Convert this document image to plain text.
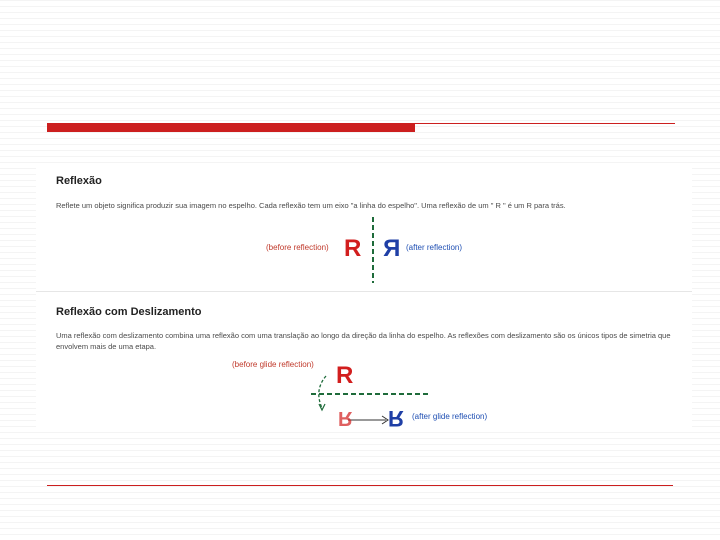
Reflexão
Reflete um objeto significa produzir sua imagem no espelho. Cada reflexão tem um eixo "a linha do espelho". Uma reflexão de um " R " é um R para trás.
(before reflection) R R (after reflection)
Reflexão com Deslizamento
Uma reflexão com deslizamento combina uma reflexão com uma translação ao longo da direção da linha do espelho. As reflexões com deslizamento são os únicos tipos de simetria que envolvem mais de uma etapa.
(before glide reflection) R
R R (after glide reflection)
